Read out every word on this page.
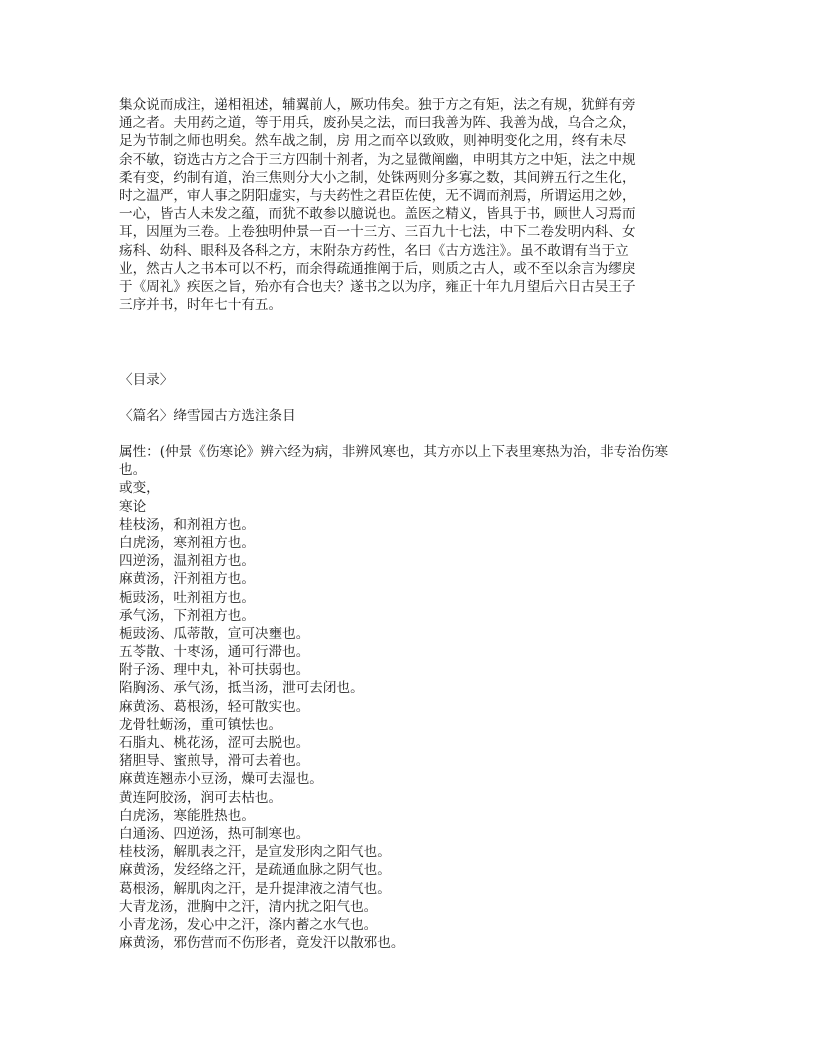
集众说而成注，递相祖述，辅翼前人，厥功伟矣。独于方之有矩，法之有规，犹鲜有旁
通之者。夫用药之道，等于用兵，废孙吴之法，而曰我善为阵、我善为战，乌合之众，
足为节制之师也明矣。然车战之制，房 用之而卒以致败，则神明变化之用，终有未尽
余不敏，窃选古方之合于三方四制十剂者，为之显微阐幽，申明其方之中矩，法之中规
柔有变，约制有道，治三焦则分大小之制，处铢两则分多寡之数，其间辨五行之生化，
时之温严，审人事之阴阳虚实，与夫药性之君臣佐使，无不调而剂焉，所谓运用之妙，
一心，皆古人未发之蕴，而犹不敢参以臆说也。盖医之精义，皆具于书，顾世人习焉而
耳，因厘为三卷。上卷独明仲景一百一十三方、三百九十七法，中下二卷发明内科、女
疡科、幼科、眼科及各科之方，末附杂方药性，名曰《古方选注》。虽不敢谓有当于立
业，然古人之书本可以不朽，而余得疏通推阐于后，则质之古人，或不至以余言为缪戾
于《周礼》疾医之旨，殆亦有合也夫？遂书之以为序，雍正十年九月望后六日古吴王子
三序并书，时年七十有五。
〈目录〉
〈篇名〉绛雪园古方选注条目
属性：(仲景《伤寒论》辨六经为病，非辨风寒也，其方亦以上下表里寒热为治，非专治伤寒
也。
或变，
寒论
桂枝汤，和剂祖方也。
白虎汤，寒剂祖方也。
四逆汤，温剂祖方也。
麻黄汤，汗剂祖方也。
栀豉汤，吐剂祖方也。
承气汤，下剂祖方也。
栀豉汤、瓜蒂散，宣可决壅也。
五苓散、十枣汤，通可行滞也。
附子汤、理中丸，补可扶弱也。
陷胸汤、承气汤，抵当汤，泄可去闭也。
麻黄汤、葛根汤，轻可散实也。
龙骨牡蛎汤，重可镇怯也。
石脂丸、桃花汤，涩可去脱也。
猪胆导、蜜煎导，滑可去着也。
麻黄连翘赤小豆汤，燥可去湿也。
黄连阿胶汤，润可去枯也。
白虎汤，寒能胜热也。
白通汤、四逆汤，热可制寒也。
桂枝汤，解肌表之汗，是宣发形肉之阳气也。
麻黄汤，发经络之汗，是疏通血脉之阴气也。
葛根汤，解肌肉之汗，是升提津液之清气也。
大青龙汤，泄胸中之汗，清内扰之阳气也。
小青龙汤，发心中之汗，涤内蓄之水气也。
麻黄汤，邪伤营而不伤形者，竟发汗以散邪也。
